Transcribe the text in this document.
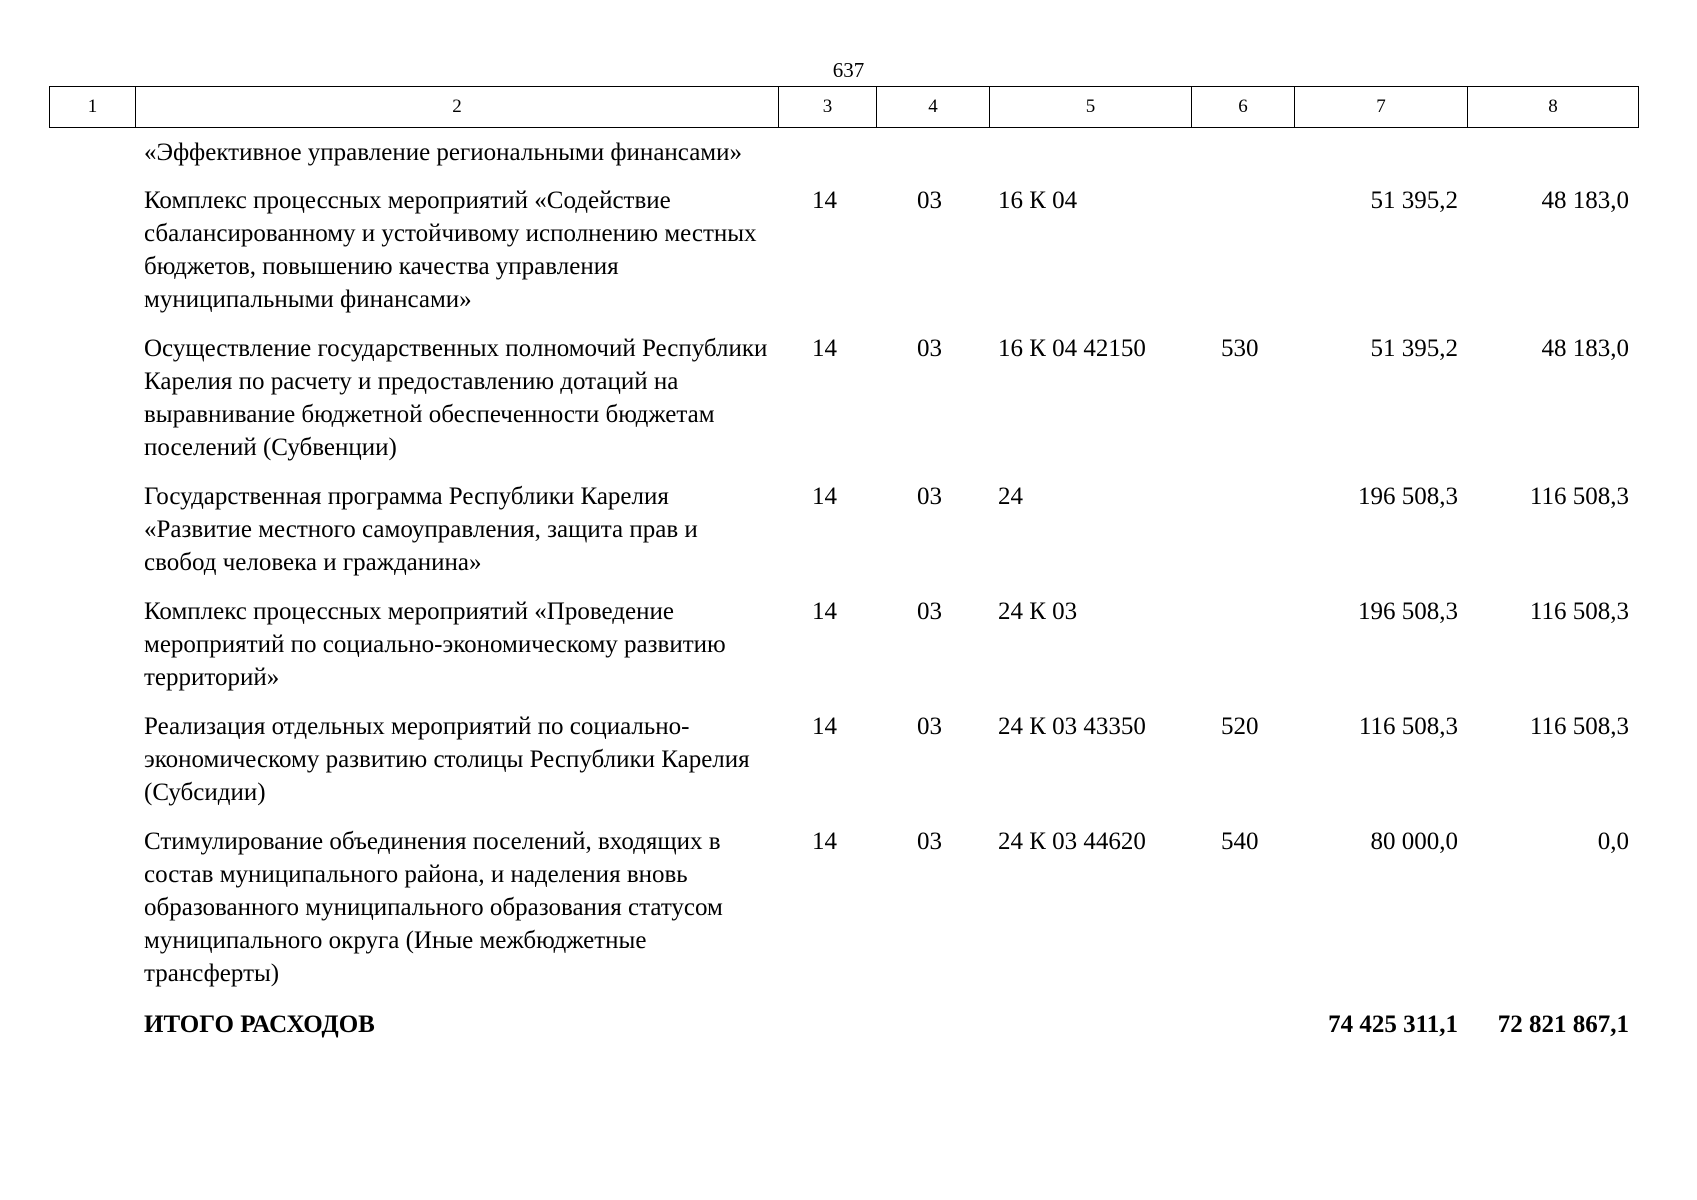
637
1	2	3	4	5	6	7	8
«Эффективное управление региональными финансами»						
Комплекс процессных мероприятий «Содействие сбалансированному и устойчивому исполнению местных бюджетов, повышению качества управления муниципальными финансами»	14	03	16 К 04		51 395,2	48 183,0
Осуществление государственных полномочий Республики Карелия по расчету и предоставлению дотаций на выравнивание бюджетной обеспеченности бюджетам поселений (Субвенции)	14	03	16 К 04 42150	530	51 395,2	48 183,0
Государственная программа Республики Карелия «Развитие местного самоуправления, защита прав и свобод человека и гражданина»	14	03	24		196 508,3	116 508,3
Комплекс процессных мероприятий «Проведение мероприятий по социально-экономическому развитию территорий»	14	03	24 К 03		196 508,3	116 508,3
Реализация отдельных мероприятий по социально-экономическому развитию столицы Республики Карелия (Субсидии)	14	03	24 К 03 43350	520	116 508,3	116 508,3
Стимулирование объединения поселений, входящих в состав муниципального района, и наделения вновь образованного муниципального образования статусом муниципального округа (Иные межбюджетные трансферты)	14	03	24 К 03 44620	540	80 000,0	0,0
ИТОГО РАСХОДОВ					74 425 311,1	72 821 867,1
